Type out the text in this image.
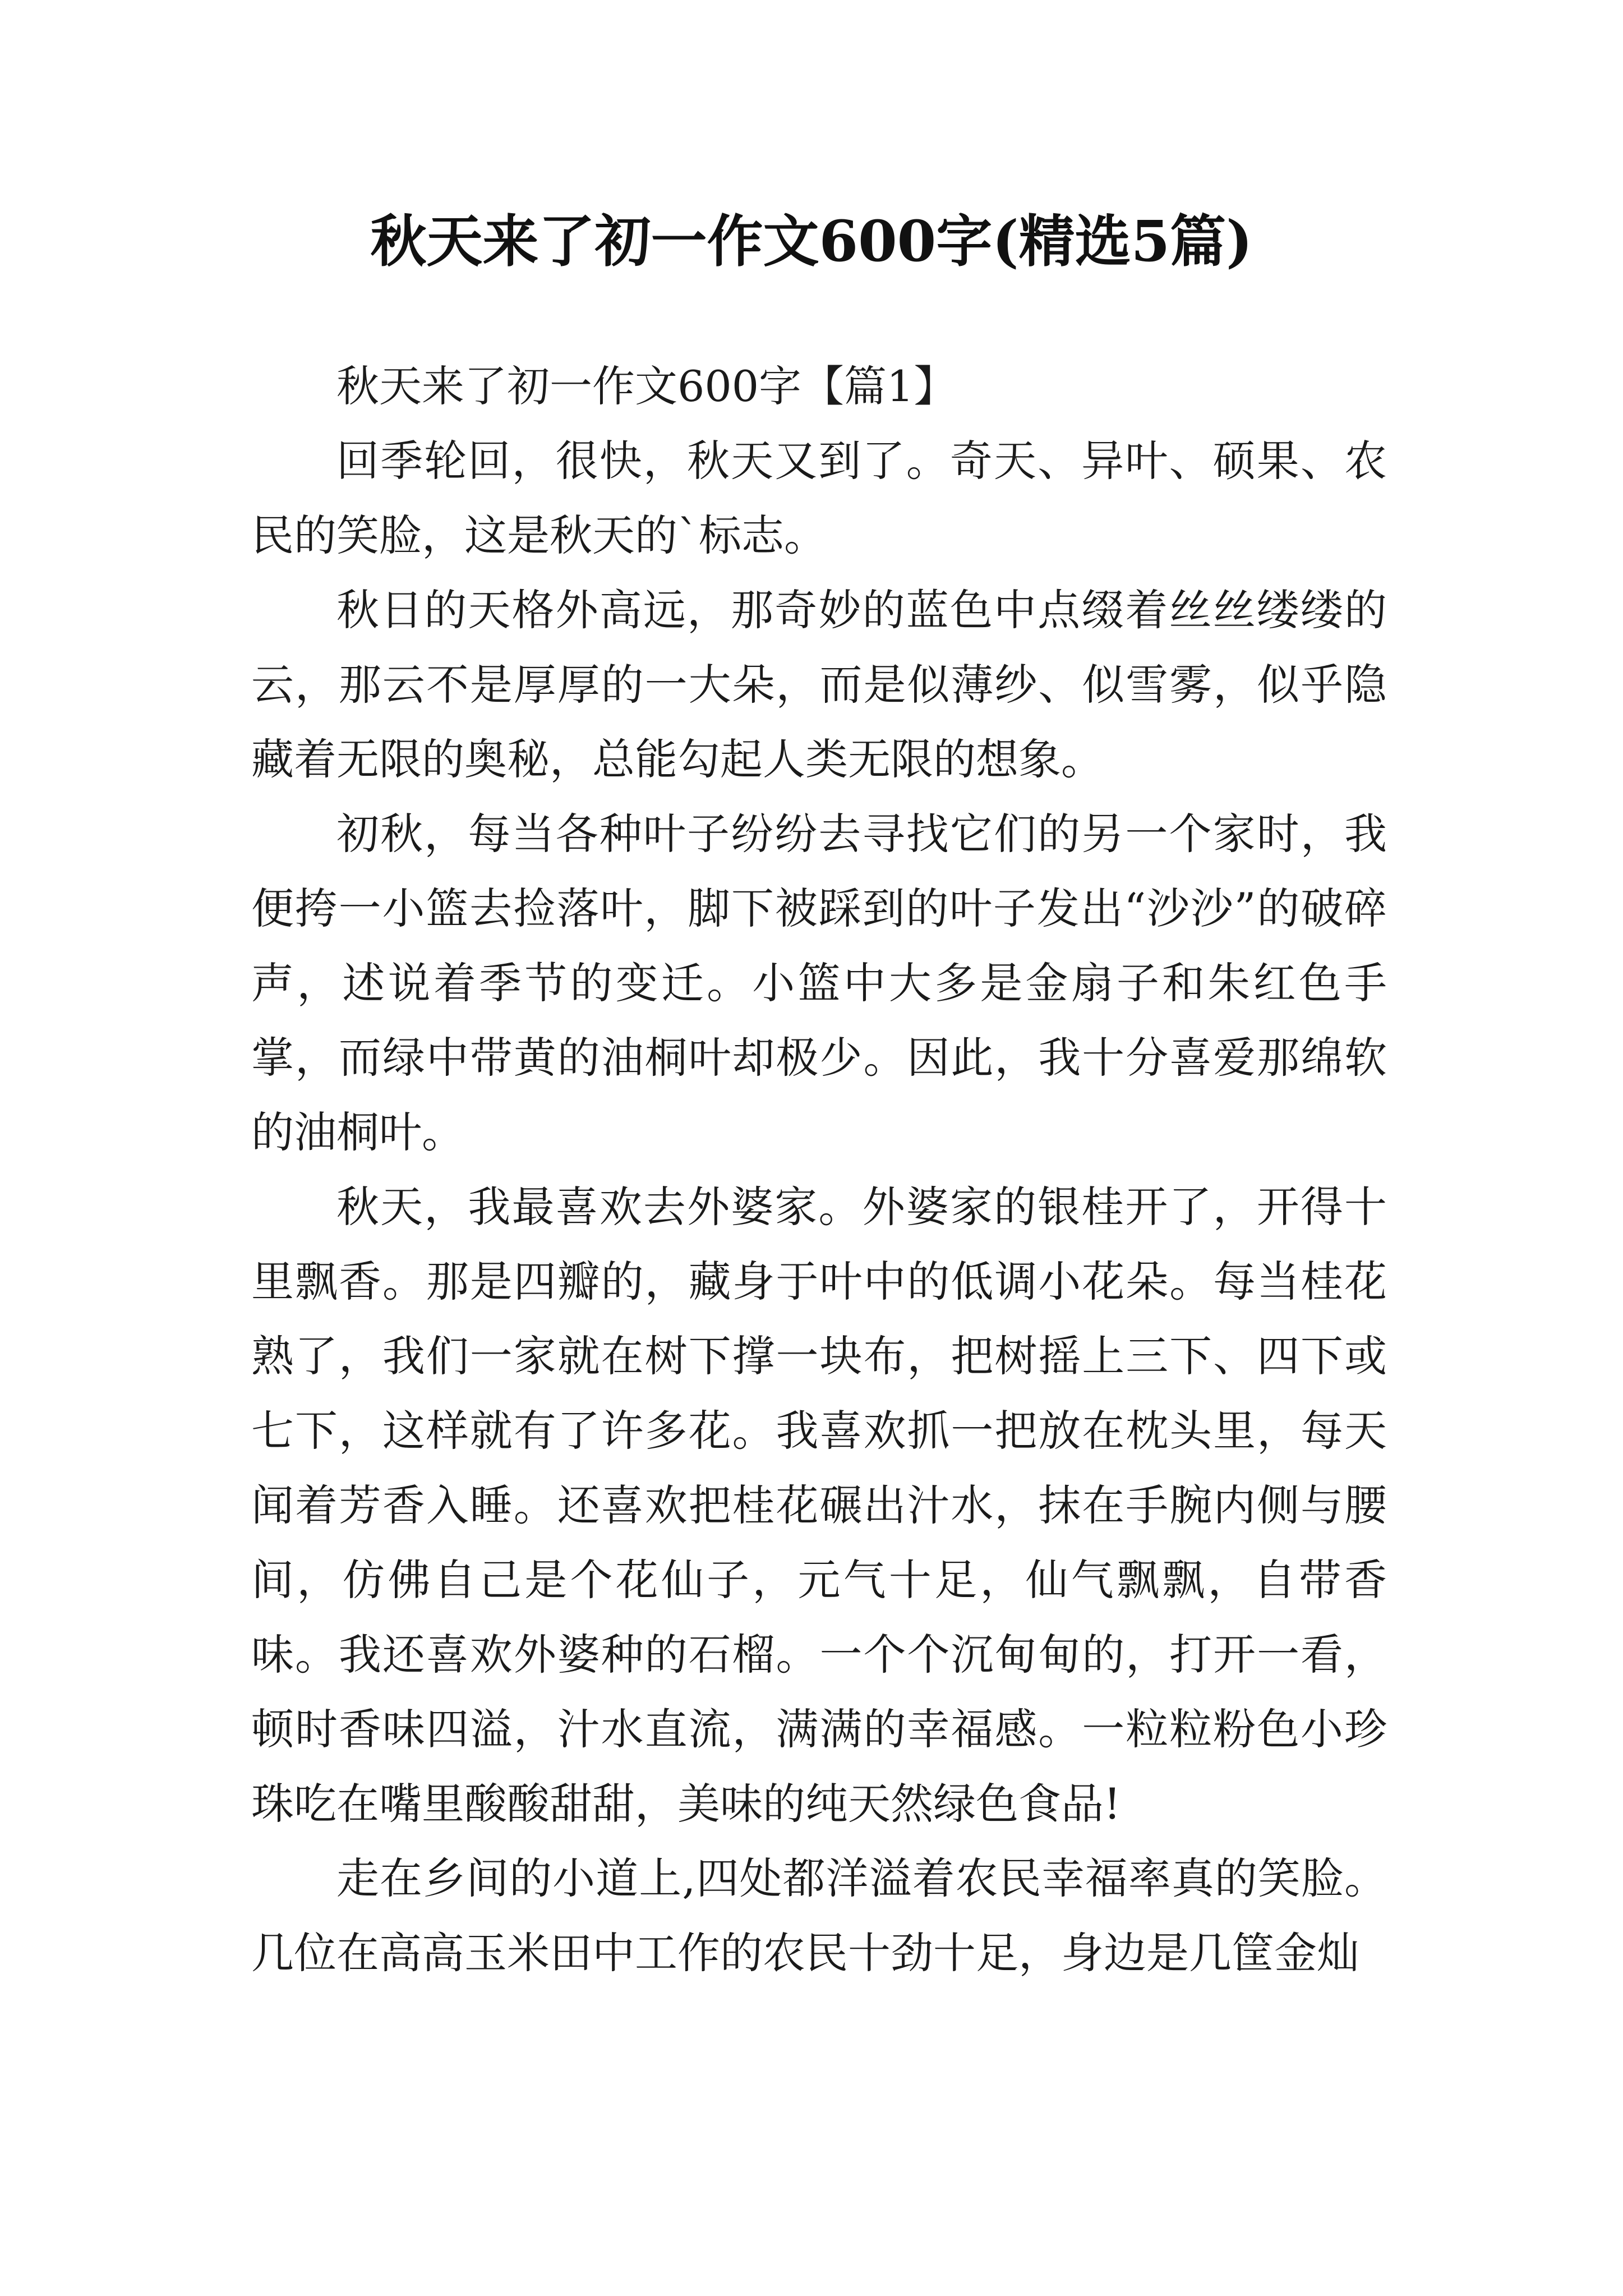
秋天来了初一作文600字(精选5篇)

秋天来了初一作文600字【篇1】

回季轮回，很快，秋天又到了。奇天、异叶、硕果、农民的笑脸，这是秋天的`标志。

秋日的天格外高远，那奇妙的蓝色中点缀着丝丝缕缕的云，那云不是厚厚的一大朵，而是似薄纱、似雪雾，似乎隐藏着无限的奥秘，总能勾起人类无限的想象。

初秋，每当各种叶子纷纷去寻找它们的另一个家时，我便挎一小篮去捡落叶，脚下被踩到的叶子发出“沙沙”的破碎声，述说着季节的变迁。小篮中大多是金扇子和朱红色手掌，而绿中带黄的油桐叶却极少。因此，我十分喜爱那绵软的油桐叶。

秋天，我最喜欢去外婆家。外婆家的银桂开了，开得十里飘香。那是四瓣的，藏身于叶中的低调小花朵。每当桂花熟了，我们一家就在树下撑一块布，把树摇上三下、四下或七下，这样就有了许多花。我喜欢抓一把放在枕头里，每天闻着芳香入睡。还喜欢把桂花碾出汁水，抹在手腕内侧与腰间，仿佛自己是个花仙子，元气十足，仙气飘飘，自带香味。我还喜欢外婆种的石榴。一个个沉甸甸的，打开一看，顿时香味四溢，汁水直流，满满的幸福感。一粒粒粉色小珍珠吃在嘴里酸酸甜甜，美味的纯天然绿色食品!

走在乡间的小道上,四处都洋溢着农民幸福率真的笑脸。几位在高高玉米田中工作的农民十劲十足，身边是几筐金灿
